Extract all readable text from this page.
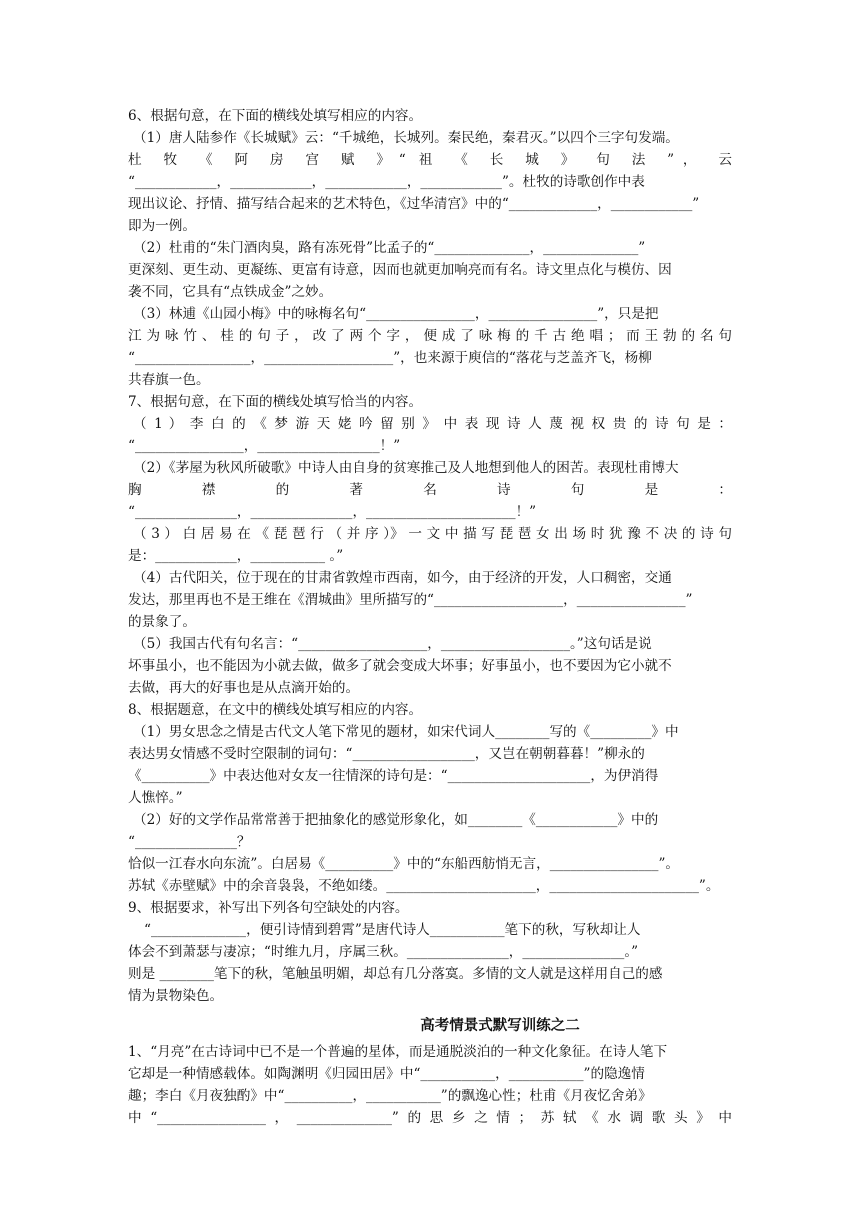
6、根据句意，在下面的横线处填写相应的内容。
（1）唐人陆参作《长城赋》云：“千城绝，长城列。秦民绝，秦君灭。”以四个三字句发端。
杜 牧 《 阿 房 宫 赋 》“ 祖 《 长 城 》 句 法 ”， 云
“____________，____________，____________，____________”。杜牧的诗歌创作中表
现出议论、抒情、描写结合起来的艺术特色，《过华清宫》中的“_____________，____________”
即为一例。
（2）杜甫的“朱门酒肉臭，路有冻死骨”比孟子的“______________，______________”
更深刻、更生动、更凝练、更富有诗意，因而也就更加响亮而有名。诗文里点化与模仿、因
袭不同，它具有“点铁成金”之妙。
（3）林逋《山园小梅》中的咏梅名句“________________，________________”，只是把
江 为 咏 竹 、 桂 的 句 子 ， 改 了 两 个 字 ， 便 成 了 咏 梅 的 千 古 绝 唱 ； 而 王 勃 的 名 句
“_________________，___________________”，也来源于庾信的“落花与芝盖齐飞，杨柳
共春旗一色。
7、根据句意，在下面的横线处填写恰当的内容。
（ 1 ） 李 白 的 《 梦 游 天 姥 吟 留 别 》 中 表 现 诗 人 蔑 视 权 贵 的 诗 句 是 ：
“________________，__________________！”
（2）《茅屋为秋风所破歌》中诗人由自身的贫寒推己及人地想到他人的困苦。表现杜甫博大
胸 襟 的 著 名 诗 句 是 ：
“_______________，_______________，______________________！”
（ 3 ） 白 居 易 在 《 琵 琶 行 （ 并 序 ）》 一 文 中 描 写 琵 琶 女 出 场 时 犹 豫 不 决 的 诗 句
是：____________，___________ 。”
（4）古代阳关，位于现在的甘肃省敦煌市西南，如今，由于经济的开发，人口稠密，交通
发达，那里再也不是王维在《渭城曲》里所描写的“___________________，________________”
的景象了。
（5）我国古代有句名言：“___________________，___________________。”这句话是说
坏事虽小，也不能因为小就去做，做多了就会变成大坏事；好事虽小，也不要因为它小就不
去做，再大的好事也是从点滴开始的。
8、根据题意，在文中的横线处填写相应的内容。
（1）男女思念之情是古代文人笔下常见的题材，如宋代词人________写的《_________》中
表达男女情感不受时空限制的词句：“__________________，又岂在朝朝暮暮！”柳永的
《__________》中表达他对女友一往情深的诗句是：“_____________________，为伊消得
人憔悴。”
（2）好的文学作品常常善于把抽象化的感觉形象化，如________《____________》中的
“_______________？
恰似一江春水向东流”。白居易《__________》中的“东船西舫悄无言，________________”。
苏轼《赤壁赋》中的余音袅袅，不绝如缕。______________________，______________________”。
9、根据要求，补写出下列各句空缺处的内容。
“______________，便引诗情到碧霄”是唐代诗人___________笔下的秋，写秋却让人
体会不到萧瑟与凄凉；“时维九月，序属三秋。_______________，_______________。”
则是 ________笔下的秋，笔触虽明媚，却总有几分落寞。多情的文人就是这样用自己的感
情为景物染色。
高考情景式默写训练之二
1、“月亮”在古诗词中已不是一个普遍的星体，而是通脱淡泊的一种文化象征。在诗人笔下
它却是一种情感载体。如陶渊明《归园田居》中“___________，___________”的隐逸情
趣；李白《月夜独酌》中“__________，___________”的飘逸心性；杜甫《月夜忆舍弟》
中“________________，______________”的思乡之情；苏轼《水调歌头》中
